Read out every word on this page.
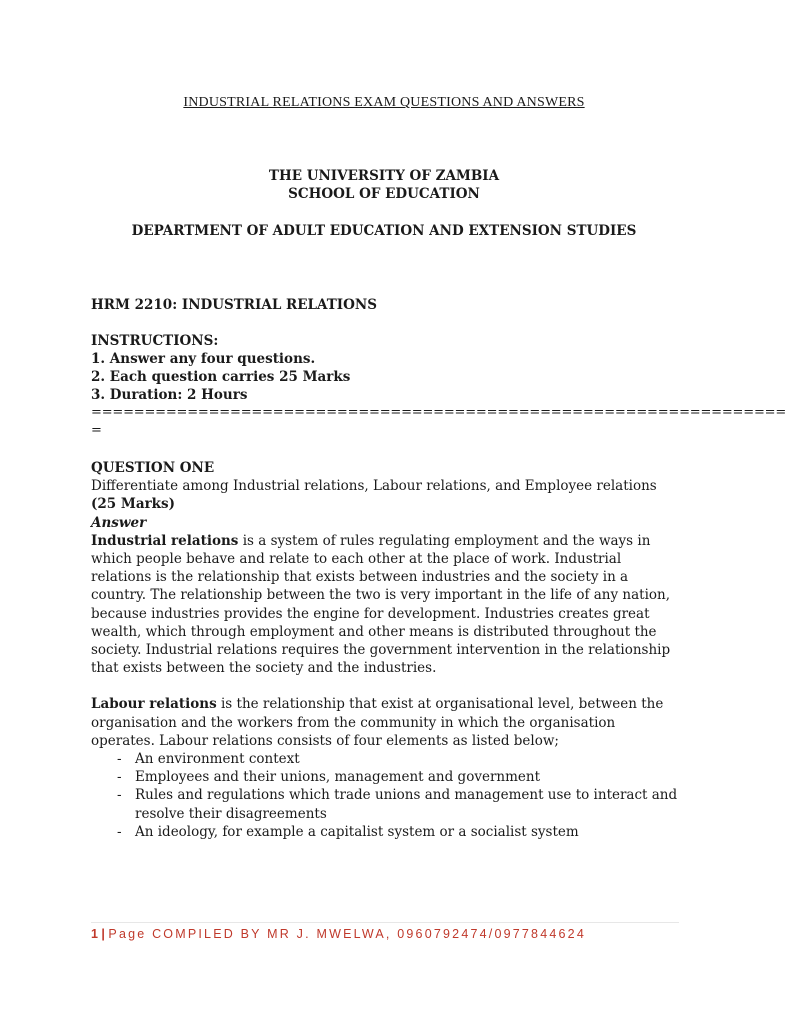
INDUSTRIAL RELATIONS EXAM QUESTIONS AND ANSWERS
THE UNIVERSITY OF ZAMBIA
SCHOOL OF EDUCATION
DEPARTMENT OF ADULT EDUCATION AND EXTENSION STUDIES
HRM 2210: INDUSTRIAL RELATIONS
INSTRUCTIONS:
1. Answer any four questions.
2. Each question carries 25 Marks
3. Duration: 2 Hours
=================================================================
=

QUESTION ONE

Differentiate among Industrial relations, Labour relations, and Employee relations (25 Marks)

Answer

Industrial relations is a system of rules regulating employment and the ways in which people behave and relate to each other at the place of work. Industrial relations is the relationship that exists between industries and the society in a country. The relationship between the two is very important in the life of any nation, because industries provides the engine for development. Industries creates great wealth, which through employment and other means is distributed throughout the society. Industrial relations requires the government intervention in the relationship that exists between the society and the industries.

Labour relations is the relationship that exist at organisational level, between the organisation and the workers from the community in which the organisation operates. Labour relations consists of four elements as listed below;

- An environment context
- Employees and their unions, management and government
- Rules and regulations which trade unions and management use to interact and resolve their disagreements
- An ideology, for example a capitalist system or a socialist system
1 | Page COMPILED BY MR J. MWELWA, 0960792474/0977844624
